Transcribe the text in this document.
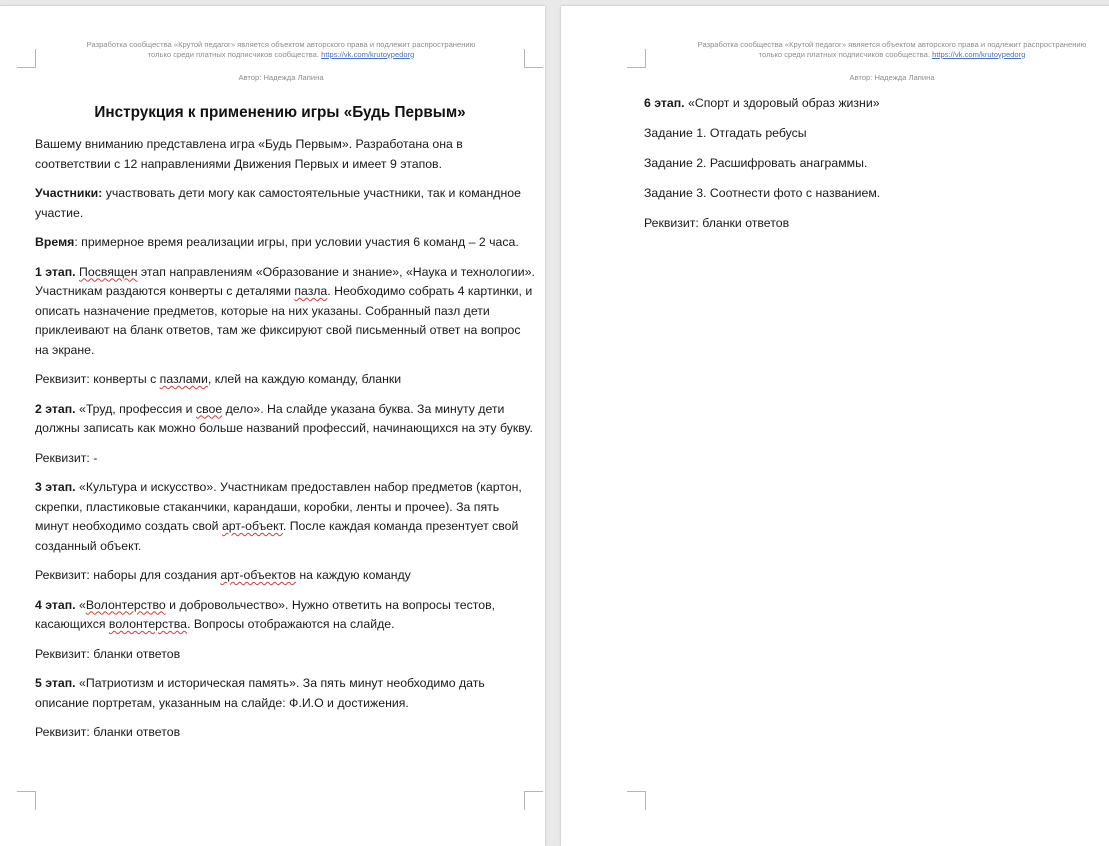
Разработка сообщества «Крутой педагог» является объектом авторского права и подлежит распространению
только среди платных подписчиков сообщества. https://vk.com/krutoypedorg
Автор: Надежда Лапина
Инструкция к применению игры «Будь Первым»

Вашему вниманию представлена игра «Будь Первым». Разработана она в соответствии с 12 направлениями Движения Первых и имеет 9 этапов.

Участники: участвовать дети могу как самостоятельные участники, так и командное участие.

Время: примерное время реализации игры, при условии участия 6 команд – 2 часа.

1 этап. Посвящен этап направлениям «Образование и знание», «Наука и технологии». Участникам раздаются конверты с деталями пазла. Необходимо собрать 4 картинки, и описать назначение предметов, которые на них указаны. Собранный пазл дети приклеивают на бланк ответов, там же фиксируют свой письменный ответ на вопрос на экране.

Реквизит: конверты с пазлами, клей на каждую команду, бланки

2 этап. «Труд, профессия и свое дело». На слайде указана буква. За минуту дети должны записать как можно больше названий профессий, начинающихся на эту букву.

Реквизит: -

3 этап. «Культура и искусство». Участникам предоставлен набор предметов (картон, скрепки, пластиковые стаканчики, карандаши, коробки, ленты и прочее). За пять минут необходимо создать свой арт-объект. После каждая команда презентует свой созданный объект.

Реквизит: наборы для создания арт-объектов на каждую команду

4 этап. «Волонтерство и добровольчество». Нужно ответить на вопросы тестов, касающихся волонтерства. Вопросы отображаются на слайде.

Реквизит: бланки ответов

5 этап. «Патриотизм и историческая память». За пять минут необходимо дать описание портретам, указанным на слайде: Ф.И.О и достижения.

Реквизит: бланки ответов

Разработка сообщества «Крутой педагог» является объектом авторского права и подлежит распространению
только среди платных подписчиков сообщества. https://vk.com/krutoypedorg
Автор: Надежда Лапина

6 этап. «Спорт и здоровый образ жизни»

Задание 1. Отгадать ребусы

Задание 2. Расшифровать анаграммы.

Задание 3. Соотнести фото с названием.

Реквизит: бланки ответов
